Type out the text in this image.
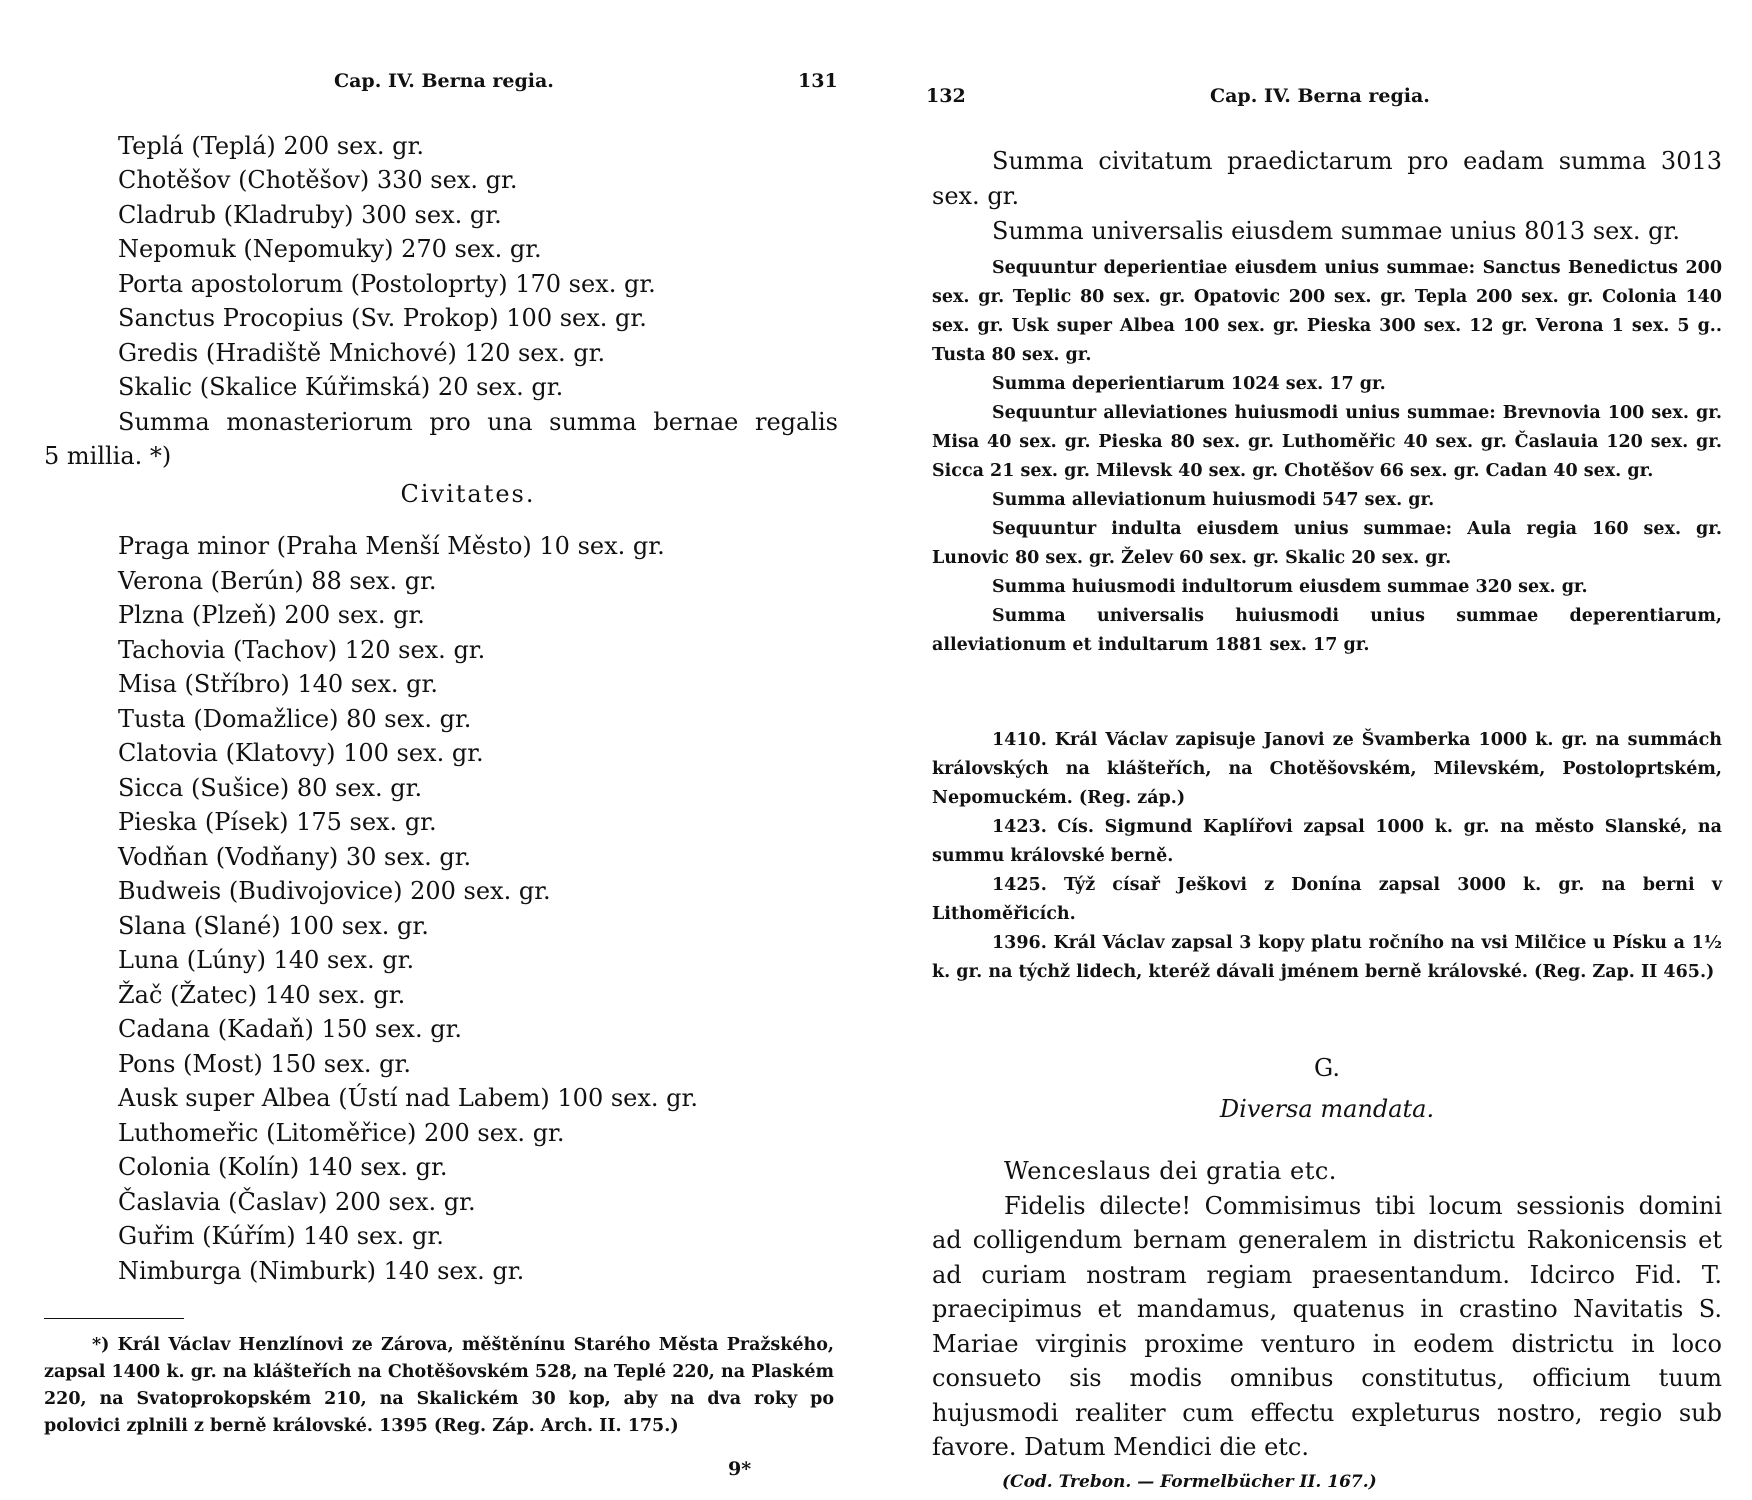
Cap. IV. Berna regia.	131
Teplá (Teplá) 200 sex. gr.
Chotěšov (Chotěšov) 330 sex. gr.
Cladrub (Kladruby) 300 sex. gr.
Nepomuk (Nepomuky) 270 sex. gr.
Porta apostolorum (Postoloprty) 170 sex. gr.
Sanctus Procopius (Sv. Prokop) 100 sex. gr.
Gredis (Hradiště Mnichové) 120 sex. gr.
Skalic (Skalice Kúřimská) 20 sex. gr.
Summa monasteriorum pro una summa bernae regalis
5 millia. *)
Civitates.
Praga minor (Praha Menší Město) 10 sex. gr.
Verona (Berún) 88 sex. gr.
Plzna (Plzeň) 200 sex. gr.
Tachovia (Tachov) 120 sex. gr.
Misa (Stříbro) 140 sex. gr.
Tusta (Domažlice) 80 sex. gr.
Clatovia (Klatovy) 100 sex. gr.
Sicca (Sušice) 80 sex. gr.
Pieska (Písek) 175 sex. gr.
Vodňan (Vodňany) 30 sex. gr.
Budweis (Budivojovice) 200 sex. gr.
Slana (Slané) 100 sex. gr.
Luna (Lúny) 140 sex. gr.
Žač (Žatec) 140 sex. gr.
Cadana (Kadaň) 150 sex. gr.
Pons (Most) 150 sex. gr.
Ausk super Albea (Ústí nad Labem) 100 sex. gr.
Luthomeřic (Litoměřice) 200 sex. gr.
Colonia (Kolín) 140 sex. gr.
Časlavia (Časlav) 200 sex. gr.
Guřim (Kúřím) 140 sex. gr.
Nimburga (Nimburk) 140 sex. gr.
*) Král Václav Henzlínovi ze Zárova, měštěnínu Starého Města Pražského, zapsal 1400 k. gr. na klášteřích na Chotěšovském 528, na Teplé 220, na Plaském 220, na Svatoprokopském 210, na Skalickém 30 kop, aby na dva roky po polovici zplnili z berně královské. 1395 (Reg. Záp. Arch. II. 175.)
9*
132	Cap. IV. Berna regia.

Summa civitatum praedictarum pro eadam summa 3013 sex. gr.

Summa universalis eiusdem summae unius 8013 sex. gr.

Sequuntur deperientiae eiusdem unius summae: Sanctus Benedictus 200 sex. gr. Teplic 80 sex. gr. Opatovic 200 sex. gr. Tepla 200 sex. gr. Colonia 140 sex. gr. Usk super Albea 100 sex. gr. Pieska 300 sex. 12 gr. Verona 1 sex. 5 g.. Tusta 80 sex. gr.

Summa deperientiarum 1024 sex. 17 gr.

Sequuntur alleviationes huiusmodi unius summae: Brevnovia 100 sex. gr. Misa 40 sex. gr. Pieska 80 sex. gr. Luthoměřic 40 sex. gr. Časlauia 120 sex. gr. Sicca 21 sex. gr. Milevsk 40 sex. gr. Chotěšov 66 sex. gr. Cadan 40 sex. gr.

Summa alleviationum huiusmodi 547 sex. gr.

Sequuntur indulta eiusdem unius summae: Aula regia 160 sex. gr. Lunovic 80 sex. gr. Želev 60 sex. gr. Skalic 20 sex. gr.

Summa huiusmodi indultorum eiusdem summae 320 sex. gr.

Summa universalis huiusmodi unius summae deperentiarum, alleviationum et indultarum 1881 sex. 17 gr.

1410. Král Václav zapisuje Janovi ze Švamberka 1000 k. gr. na summách královských na klášteřích, na Chotěšovském, Milevském, Postoloprtském, Nepomuckém. (Reg. záp.)

1423. Cís. Sigmund Kaplířovi zapsal 1000 k. gr. na město Slanské, na summu královské berně.

1425. Týž císař Ješkovi z Donína zapsal 3000 k. gr. na berni v Lithoměřicích.

1396. Král Václav zapsal 3 kopy platu ročního na vsi Milčice u Písku a 1½ k. gr. na týchž lidech, kteréž dávali jménem berně královské. (Reg. Zap. II 465.)

G.

Diversa mandata.

Wenceslaus dei gratia etc.

Fidelis dilecte! Commisimus tibi locum sessionis domini ad colligendum bernam generalem in districtu Rakonicensis et ad curiam nostram regiam praesentandum. Idcirco Fid. T. praecipimus et mandamus, quatenus in crastino Navitatis S. Mariae virginis proxime venturo in eodem districtu in loco consueto sis modis omnibus constitutus, officium tuum hujusmodi realiter cum effectu expleturus nostro, regio sub favore. Datum Mendici die etc.

(Cod. Trebon. — Formelbücher II. 167.)
